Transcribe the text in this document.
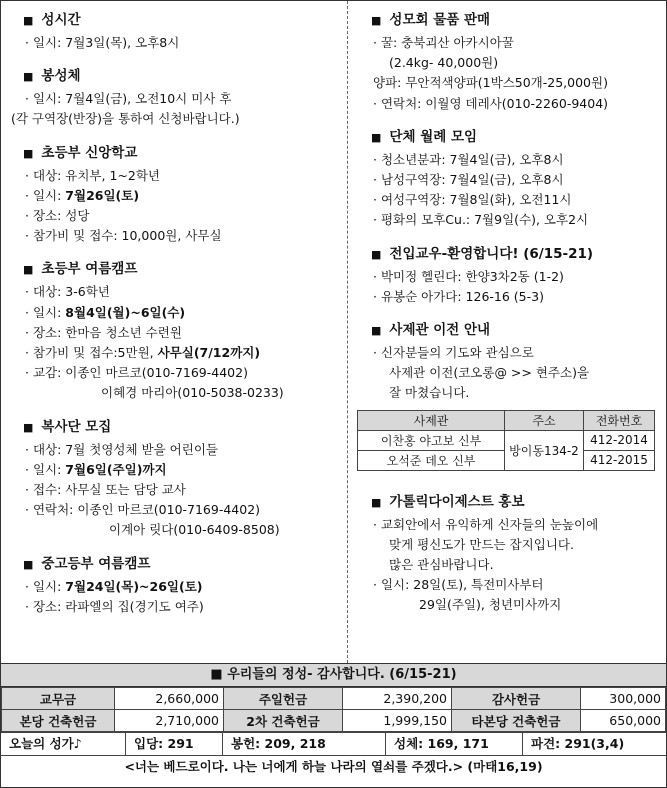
■ 성시간
· 일시: 7월3일(목), 오후8시
■ 봉성체
· 일시: 7월4일(금), 오전10시 미사 후
(각 구역장(반장)을 통하여 신청바랍니다.)
■ 초등부 신앙학교
· 대상: 유치부, 1~2학년
· 일시: 7월26일(토)
· 장소: 성당
· 참가비 및 접수: 10,000원, 사무실
■ 초등부 여름캠프
· 대상: 3-6학년
· 일시: 8월4일(월)~6일(수)
· 장소: 한마음 청소년 수련원
· 참가비 및 접수:5만원, 사무실(7/12까지)
· 교감: 이종인 마르코(010-7169-4402)
이혜경 마리아(010-5038-0233)
■ 복사단 모집
· 대상: 7월 첫영성체 받을 어린이들
· 일시: 7월6일(주일)까지
· 접수: 사무실 또는 담당 교사
· 연락처: 이종인 마르코(010-7169-4402)
이계아 릿다(010-6409-8508)
■ 중고등부 여름캠프
· 일시: 7월24일(목)~26일(토)
· 장소: 라파엘의 집(경기도 여주)
■ 성모회 물품 판매
· 꿀: 충북괴산 아카시아꿀
(2.4kg- 40,000원)
양파: 무안적색양파(1박스50개-25,000원)
· 연락처: 이월영 데레사(010-2260-9404)
■ 단체 월례 모임
· 청소년분과: 7월4일(금), 오후8시
· 남성구역장: 7월4일(금), 오후8시
· 여성구역장: 7월8일(화), 오전11시
· 평화의 모후Cu.: 7월9일(수), 오후2시
■ 전입교우-환영합니다! (6/15-21)
· 박미정 헬린다: 한양3차2동 (1-2)
· 유봉순 아가다: 126-16 (5-3)
■ 사제관 이전 안내
· 신자분들의 기도와 관심으로
사제관 이전(코오롱@ >> 현주소)을
잘 마쳤습니다.
사제관	주소	전화번호
이찬홍 야고보 신부	방이동134-2	412-2014
오석준 데오 신부		412-2015
■ 가톨릭다이제스트 홍보
· 교회안에서 유익하게 신자들의 눈높이에
맞게 평신도가 만드는 잡지입니다.
많은 관심바랍니다.
· 일시: 28일(토), 특전미사부터
29일(주일), 청년미사까지
■ 우리들의 정성- 감사합니다. (6/15-21)
교무금	2,660,000	주일헌금	2,390,200	감사헌금	300,000
본당 건축헌금	2,710,000	2차 건축헌금	1,999,150	타본당 건축헌금	650,000
오늘의 성가♪	입당: 291	봉헌: 209, 218	성체: 169, 171	파견: 291(3,4)
<너는 베드로이다. 나는 너에게 하늘 나라의 열쇠를 주겠다.> (마태16,19)
